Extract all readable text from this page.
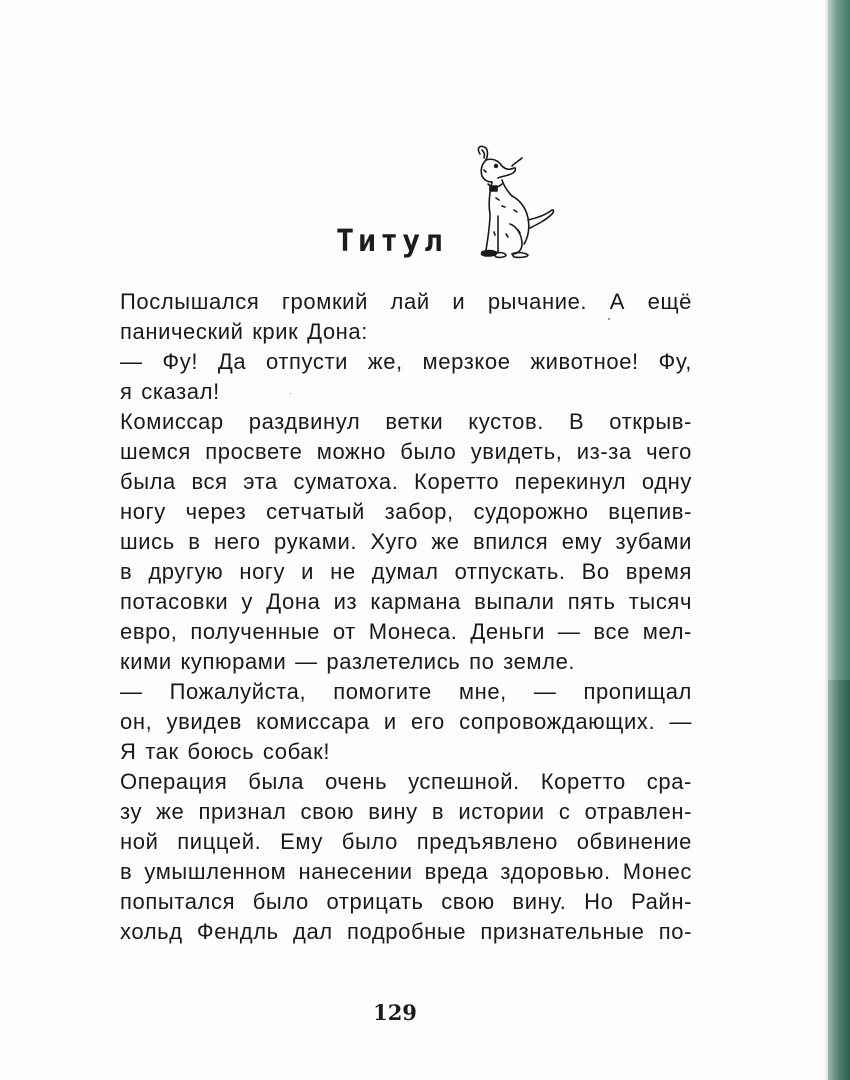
Титул
Послышался громкий лай и рычание. А ещё
панический крик Дона:
— Фу! Да отпусти же, мерзкое животное! Фу,
я сказал!
Комиссар раздвинул ветки кустов. В открыв-
шемся просвете можно было увидеть, из-за чего
была вся эта суматоха. Коретто перекинул одну
ногу через сетчатый забор, судорожно вцепив-
шись в него руками. Хуго же впился ему зубами
в другую ногу и не думал отпускать. Во время
потасовки у Дона из кармана выпали пять тысяч
евро, полученные от Монеса. Деньги — все мел-
кими купюрами — разлетелись по земле.
— Пожалуйста, помогите мне, — пропищал
он, увидев комиссара и его сопровождающих. —
Я так боюсь собак!
Операция была очень успешной. Коретто сра-
зу же признал свою вину в истории с отравлен-
ной пиццей. Ему было предъявлено обвинение
в умышленном нанесении вреда здоровью. Монес
попытался было отрицать свою вину. Но Райн-
хольд Фендль дал подробные признательные по-
129
